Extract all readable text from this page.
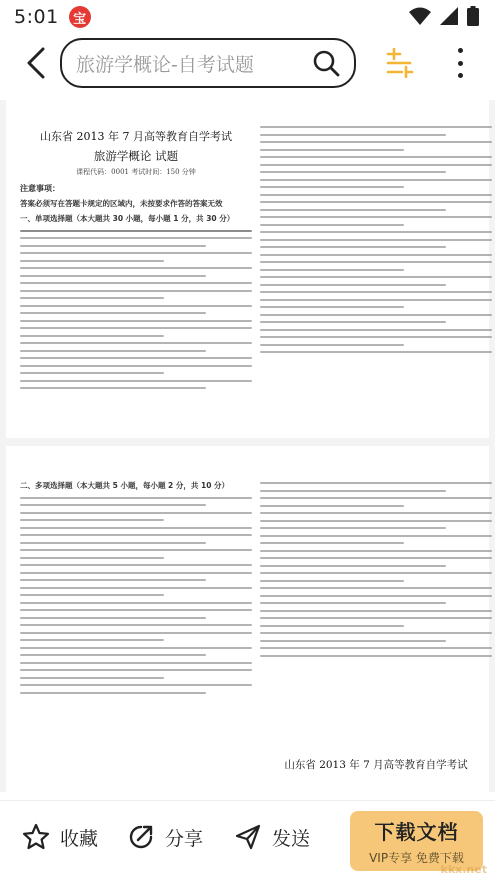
5:01	宝
旅游学概论-自考试题
山东省 2013 年 7 月高等教育自学考试
旅游学概论 试题
课程代码：0001 考试时间：150 分钟
注意事项：
答案必须写在答题卡规定的区域内，未按要求作答的答案无效
一、单项选择题（本大题共 30 小题，每小题 1 分，共 30 分）
二、多项选择题（本大题共 5 小题，每小题 2 分，共 10 分）
山东省 2013 年 7 月高等教育自学考试
收藏	分享	发送	下载文档
VIP专享 免费下载
kkx.net
